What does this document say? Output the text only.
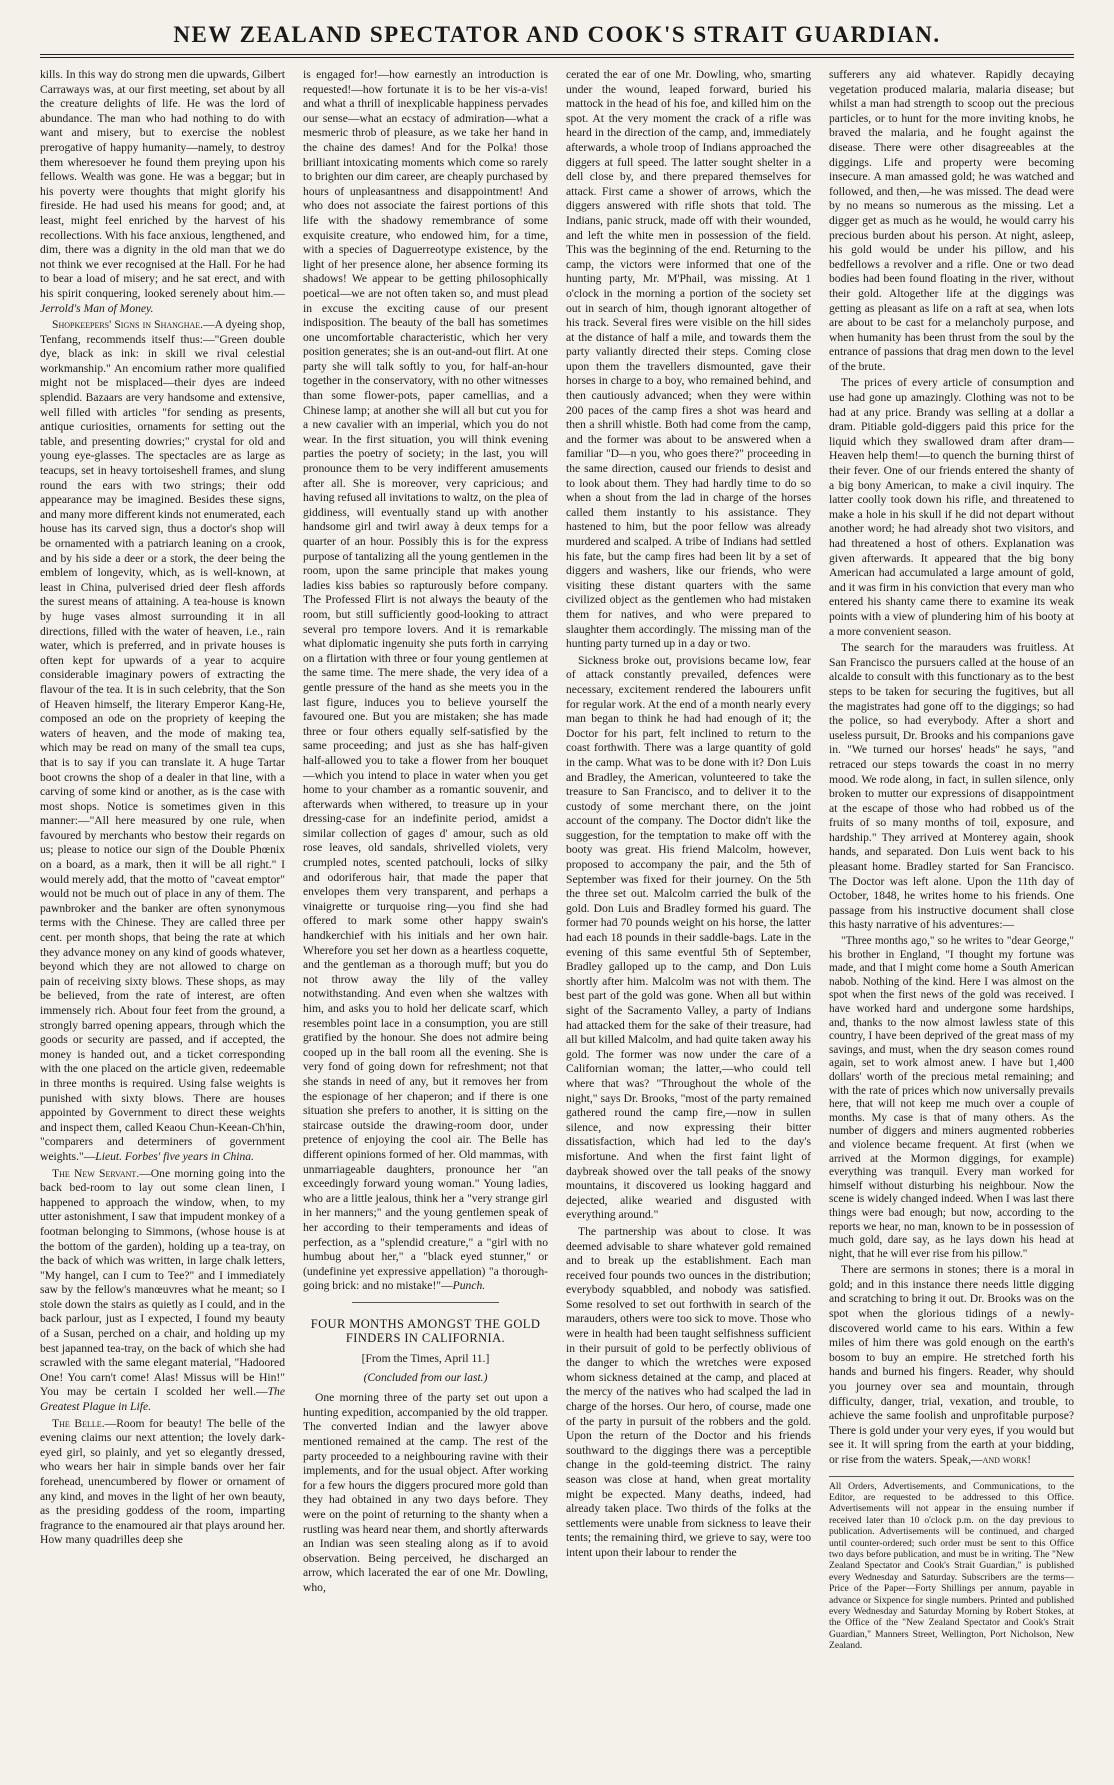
NEW ZEALAND SPECTATOR AND COOK'S STRAIT GUARDIAN.

kills. In this way do strong men die upwards, Gilbert Carraways was, at our first meeting, set about by all the creature delights of life. He was the lord of abundance. The man who had nothing to do with want and misery, but to exercise the noblest prerogative of happy humanity—namely, to destroy them wheresoever he found them preying upon his fellows. Wealth was gone. He was a beggar; but in his poverty were thoughts that might glorify his fireside. He had used his means for good; and, at least, might feel enriched by the harvest of his recollections. With his face anxious, lengthened, and dim, there was a dignity in the old man that we do not think we ever recognised at the Hall. For he had to bear a load of misery; and he sat erect, and with his spirit conquering, looked serenely about him.—Jerrold's Man of Money.

Shopkeepers' Signs in Shanghae.—A dyeing shop, Tenfang, recommends itself thus:—"Green double dye, black as ink: in skill we rival celestial workmanship." An encomium rather more qualified might not be misplaced—their dyes are indeed splendid. Bazaars are very handsome and extensive, well filled with articles "for sending as presents, antique curiosities, ornaments for setting out the table, and presenting dowries;" crystal for old and young eye-glasses. The spectacles are as large as teacups, set in heavy tortoiseshell frames, and slung round the ears with two strings; their odd appearance may be imagined. Besides these signs, and many more different kinds not enumerated, each house has its carved sign, thus a doctor's shop will be ornamented with a patriarch leaning on a crook, and by his side a deer or a stork, the deer being the emblem of longevity, which, as is well-known, at least in China, pulverised dried deer flesh affords the surest means of attaining. A tea-house is known by huge vases almost surrounding it in all directions, filled with the water of heaven, i.e., rain water, which is preferred, and in private houses is often kept for upwards of a year to acquire considerable imaginary powers of extracting the flavour of the tea. It is in such celebrity, that the Son of Heaven himself, the literary Emperor Kang-He, composed an ode on the propriety of keeping the waters of heaven, and the mode of making tea, which may be read on many of the small tea cups, that is to say if you can translate it. A huge Tartar boot crowns the shop of a dealer in that line, with a carving of some kind or another, as is the case with most shops. Notice is sometimes given in this manner:—"All here measured by one rule, when favoured by merchants who bestow their regards on us; please to notice our sign of the Double Phœnix on a board, as a mark, then it will be all right." I would merely add, that the motto of "caveat emptor" would not be much out of place in any of them. The pawnbroker and the banker are often synonymous terms with the Chinese. They are called three per cent. per month shops, that being the rate at which they advance money on any kind of goods whatever, beyond which they are not allowed to charge on pain of receiving sixty blows. These shops, as may be believed, from the rate of interest, are often immensely rich. About four feet from the ground, a strongly barred opening appears, through which the goods or security are passed, and if accepted, the money is handed out, and a ticket corresponding with the one placed on the article given, redeemable in three months is required. Using false weights is punished with sixty blows. There are houses appointed by Government to direct these weights and inspect them, called Keaou Chun-Keean-Ch'hin, "comparers and determiners of government weights."—Lieut. Forbes' five years in China.

The New Servant.—One morning going into the back bed-room to lay out some clean linen, I happened to approach the window, when, to my utter astonishment, I saw that impudent monkey of a footman belonging to Simmons, (whose house is at the bottom of the garden), holding up a tea-tray, on the back of which was written, in large chalk letters, "My hangel, can I cum to Tee?" and I immediately saw by the fellow's manœuvres what he meant; so I stole down the stairs as quietly as I could, and in the back parlour, just as I expected, I found my beauty of a Susan, perched on a chair, and holding up my best japanned tea-tray, on the back of which she had scrawled with the same elegant material, "Hadoored One! You carn't come! Alas! Missus will be Hin!" You may be certain I scolded her well.—The Greatest Plague in Life.

The Belle.—Room for beauty! The belle of the evening claims our next attention; the lovely dark-eyed girl, so plainly, and yet so elegantly dressed, who wears her hair in simple bands over her fair forehead, unencumbered by flower or ornament of any kind, and moves in the light of her own beauty, as the presiding goddess of the room, imparting fragrance to the enamoured air that plays around her. How many quadrilles deep she

is engaged for!—how earnestly an introduction is requested!—how fortunate it is to be her vis-a-vis! and what a thrill of inexplicable happiness pervades our sense—what an ecstacy of admiration—what a mesmeric throb of pleasure, as we take her hand in the chaine des dames! And for the Polka! those brilliant intoxicating moments which come so rarely to brighten our dim career, are cheaply purchased by hours of unpleasantness and disappointment! And who does not associate the fairest portions of this life with the shadowy remembrance of some exquisite creature, who endowed him, for a time, with a species of Daguerreotype existence, by the light of her presence alone, her absence forming its shadows! We appear to be getting philosophically poetical—we are not often taken so, and must plead in excuse the exciting cause of our present indisposition. The beauty of the ball has sometimes one uncomfortable characteristic, which her very position generates; she is an out-and-out flirt. At one party she will talk softly to you, for half-an-hour together in the conservatory, with no other witnesses than some flower-pots, paper camellias, and a Chinese lamp; at another she will all but cut you for a new cavalier with an imperial, which you do not wear. In the first situation, you will think evening parties the poetry of society; in the last, you will pronounce them to be very indifferent amusements after all. She is moreover, very capricious; and having refused all invitations to waltz, on the plea of giddiness, will eventually stand up with another handsome girl and twirl away à deux temps for a quarter of an hour. Possibly this is for the express purpose of tantalizing all the young gentlemen in the room, upon the same principle that makes young ladies kiss babies so rapturously before company. The Professed Flirt is not always the beauty of the room, but still sufficiently good-looking to attract several pro tempore lovers. And it is remarkable what diplomatic ingenuity she puts forth in carrying on a flirtation with three or four young gentlemen at the same time. The mere shade, the very idea of a gentle pressure of the hand as she meets you in the last figure, induces you to believe yourself the favoured one. But you are mistaken; she has made three or four others equally self-satisfied by the same proceeding; and just as she has half-given half-allowed you to take a flower from her bouquet—which you intend to place in water when you get home to your chamber as a romantic souvenir, and afterwards when withered, to treasure up in your dressing-case for an indefinite period, amidst a similar collection of gages d' amour, such as old rose leaves, old sandals, shrivelled violets, very crumpled notes, scented patchouli, locks of silky and odoriferous hair, that made the paper that envelopes them very transparent, and perhaps a vinaigrette or turquoise ring—you find she had offered to mark some other happy swain's handkerchief with his initials and her own hair. Wherefore you set her down as a heartless coquette, and the gentleman as a thorough muff; but you do not throw away the lily of the valley notwithstanding. And even when she waltzes with him, and asks you to hold her delicate scarf, which resembles point lace in a consumption, you are still gratified by the honour. She does not admire being cooped up in the ball room all the evening. She is very fond of going down for refreshment; not that she stands in need of any, but it removes her from the espionage of her chaperon; and if there is one situation she prefers to another, it is sitting on the staircase outside the drawing-room door, under pretence of enjoying the cool air. The Belle has different opinions formed of her. Old mammas, with unmarriageable daughters, pronounce her "an exceedingly forward young woman." Young ladies, who are a little jealous, think her a "very strange girl in her manners;" and the young gentlemen speak of her according to their temperaments and ideas of perfection, as a "splendid creature," a "girl with no humbug about her," a "black eyed stunner," or (undefinine yet expressive appellation) "a thorough-going brick: and no mistake!"—Punch.

FOUR MONTHS AMONGST THE GOLD FINDERS IN CALIFORNIA.
[From the Times, April 11.]
(Concluded from our last.)

One morning three of the party set out upon a hunting expedition, accompanied by the old trapper. The converted Indian and the lawyer above mentioned remained at the camp. The rest of the party proceeded to a neighbouring ravine with their implements, and for the usual object. After working for a few hours the diggers procured more gold than they had obtained in any two days before. They were on the point of returning to the shanty when a rustling was heard near them, and shortly afterwards an Indian was seen stealing along as if to avoid observation. Being perceived, he discharged an arrow, which lacerated the ear of one Mr. Dowling, who,

cerated the ear of one Mr. Dowling, who, smarting under the wound, leaped forward, buried his mattock in the head of his foe, and killed him on the spot. At the very moment the crack of a rifle was heard in the direction of the camp, and, immediately afterwards, a whole troop of Indians approached the diggers at full speed. The latter sought shelter in a dell close by, and there prepared themselves for attack. First came a shower of arrows, which the diggers answered with rifle shots that told. The Indians, panic struck, made off with their wounded, and left the white men in possession of the field. This was the beginning of the end. Returning to the camp, the victors were informed that one of the hunting party, Mr. M'Phail, was missing. At 1 o'clock in the morning a portion of the society set out in search of him, though ignorant altogether of his track. Several fires were visible on the hill sides at the distance of half a mile, and towards them the party valiantly directed their steps. Coming close upon them the travellers dismounted, gave their horses in charge to a boy, who remained behind, and then cautiously advanced; when they were within 200 paces of the camp fires a shot was heard and then a shrill whistle. Both had come from the camp, and the former was about to be answered when a familiar "D—n you, who goes there?" proceeding in the same direction, caused our friends to desist and to look about them. They had hardly time to do so when a shout from the lad in charge of the horses called them instantly to his assistance. They hastened to him, but the poor fellow was already murdered and scalped. A tribe of Indians had settled his fate, but the camp fires had been lit by a set of diggers and washers, like our friends, who were visiting these distant quarters with the same civilized object as the gentlemen who had mistaken them for natives, and who were prepared to slaughter them accordingly. The missing man of the hunting party turned up in a day or two.

Sickness broke out, provisions became low, fear of attack constantly prevailed, defences were necessary, excitement rendered the labourers unfit for regular work. At the end of a month nearly every man began to think he had had enough of it; the Doctor for his part, felt inclined to return to the coast forthwith. There was a large quantity of gold in the camp. What was to be done with it? Don Luis and Bradley, the American, volunteered to take the treasure to San Francisco, and to deliver it to the custody of some merchant there, on the joint account of the company. The Doctor didn't like the suggestion, for the temptation to make off with the booty was great. His friend Malcolm, however, proposed to accompany the pair, and the 5th of September was fixed for their journey. On the 5th the three set out. Malcolm carried the bulk of the gold. Don Luis and Bradley formed his guard. The former had 70 pounds weight on his horse, the latter had each 18 pounds in their saddle-bags. Late in the evening of this same eventful 5th of September, Bradley galloped up to the camp, and Don Luis shortly after him. Malcolm was not with them. The best part of the gold was gone. When all but within sight of the Sacramento Valley, a party of Indians had attacked them for the sake of their treasure, had all but killed Malcolm, and had quite taken away his gold. The former was now under the care of a Californian woman; the latter,—who could tell where that was? "Throughout the whole of the night," says Dr. Brooks, "most of the party remained gathered round the camp fire,—now in sullen silence, and now expressing their bitter dissatisfaction, which had led to the day's misfortune. And when the first faint light of daybreak showed over the tall peaks of the snowy mountains, it discovered us looking haggard and dejected, alike wearied and disgusted with everything around."

The partnership was about to close. It was deemed advisable to share whatever gold remained and to break up the establishment. Each man received four pounds two ounces in the distribution; everybody squabbled, and nobody was satisfied. Some resolved to set out forthwith in search of the marauders, others were too sick to move. Those who were in health had been taught selfishness sufficient in their pursuit of gold to be perfectly oblivious of the danger to which the wretches were exposed whom sickness detained at the camp, and placed at the mercy of the natives who had scalped the lad in charge of the horses. Our hero, of course, made one of the party in pursuit of the robbers and the gold. Upon the return of the Doctor and his friends southward to the diggings there was a perceptible change in the gold-teeming district. The rainy season was close at hand, when great mortality might be expected. Many deaths, indeed, had already taken place. Two thirds of the folks at the settlements were unable from sickness to leave their tents; the remaining third, we grieve to say, were too intent upon their labour to render the

sufferers any aid whatever. Rapidly decaying vegetation produced malaria, malaria disease; but whilst a man had strength to scoop out the precious particles, or to hunt for the more inviting knobs, he braved the malaria, and he fought against the disease. There were other disagreeables at the diggings. Life and property were becoming insecure. A man amassed gold; he was watched and followed, and then,—he was missed. The dead were by no means so numerous as the missing. Let a digger get as much as he would, he would carry his precious burden about his person. At night, asleep, his gold would be under his pillow, and his bedfellows a revolver and a rifle. One or two dead bodies had been found floating in the river, without their gold. Altogether life at the diggings was getting as pleasant as life on a raft at sea, when lots are about to be cast for a melancholy purpose, and when humanity has been thrust from the soul by the entrance of passions that drag men down to the level of the brute.

The prices of every article of consumption and use had gone up amazingly. Clothing was not to be had at any price. Brandy was selling at a dollar a dram. Pitiable gold-diggers paid this price for the liquid which they swallowed dram after dram—Heaven help them!—to quench the burning thirst of their fever. One of our friends entered the shanty of a big bony American, to make a civil inquiry. The latter coolly took down his rifle, and threatened to make a hole in his skull if he did not depart without another word; he had already shot two visitors, and had threatened a host of others. Explanation was given afterwards. It appeared that the big bony American had accumulated a large amount of gold, and it was firm in his conviction that every man who entered his shanty came there to examine its weak points with a view of plundering him of his booty at a more convenient season.

The search for the marauders was fruitless. At San Francisco the pursuers called at the house of an alcalde to consult with this functionary as to the best steps to be taken for securing the fugitives, but all the magistrates had gone off to the diggings; so had the police, so had everybody. After a short and useless pursuit, Dr. Brooks and his companions gave in. "We turned our horses' heads" he says, "and retraced our steps towards the coast in no merry mood. We rode along, in fact, in sullen silence, only broken to mutter our expressions of disappointment at the escape of those who had robbed us of the fruits of so many months of toil, exposure, and hardship." They arrived at Monterey again, shook hands, and separated. Don Luis went back to his pleasant home. Bradley started for San Francisco. The Doctor was left alone. Upon the 11th day of October, 1848, he writes home to his friends. One passage from his instructive document shall close this hasty narrative of his adventures:—

"Three months ago," so he writes to "dear George," his brother in England, "I thought my fortune was made, and that I might come home a South American nabob. Nothing of the kind. Here I was almost on the spot when the first news of the gold was received. I have worked hard and undergone some hardships, and, thanks to the now almost lawless state of this country, I have been deprived of the great mass of my savings, and must, when the dry season comes round again, set to work almost anew. I have but 1,400 dollars' worth of the precious metal remaining; and with the rate of prices which now universally prevails here, that will not keep me much over a couple of months. My case is that of many others. As the number of diggers and miners augmented robberies and violence became frequent. At first (when we arrived at the Mormon diggings, for example) everything was tranquil. Every man worked for himself without disturbing his neighbour. Now the scene is widely changed indeed. When I was last there things were bad enough; but now, according to the reports we hear, no man, known to be in possession of much gold, dare say, as he lays down his head at night, that he will ever rise from his pillow."

There are sermons in stones; there is a moral in gold; and in this instance there needs little digging and scratching to bring it out. Dr. Brooks was on the spot when the glorious tidings of a newly-discovered world came to his ears. Within a few miles of him there was gold enough on the earth's bosom to buy an empire. He stretched forth his hands and burned his fingers. Reader, why should you journey over sea and mountain, through difficulty, danger, trial, vexation, and trouble, to achieve the same foolish and unprofitable purpose? There is gold under your very eyes, if you would but see it. It will spring from the earth at your bidding, or rise from the waters. Speak,—and work!

All Orders, Advertisements, and Communications, to the Editor, are requested to be addressed to this Office. Advertisements will not appear in the ensuing number if received later than 10 o'clock p.m. on the day previous to publication. Advertisements will be continued, and charged until counter-ordered; such order must be sent to this Office two days before publication, and must be in writing. The "New Zealand Spectator and Cook's Strait Guardian," is published every Wednesday and Saturday. Subscribers are the terms—Price of the Paper—Forty Shillings per annum, payable in advance or Sixpence for single numbers. Printed and published every Wednesday and Saturday Morning by Robert Stokes, at the Office of the "New Zealand Spectator and Cook's Strait Guardian," Manners Street, Wellington, Port Nicholson, New Zealand.
